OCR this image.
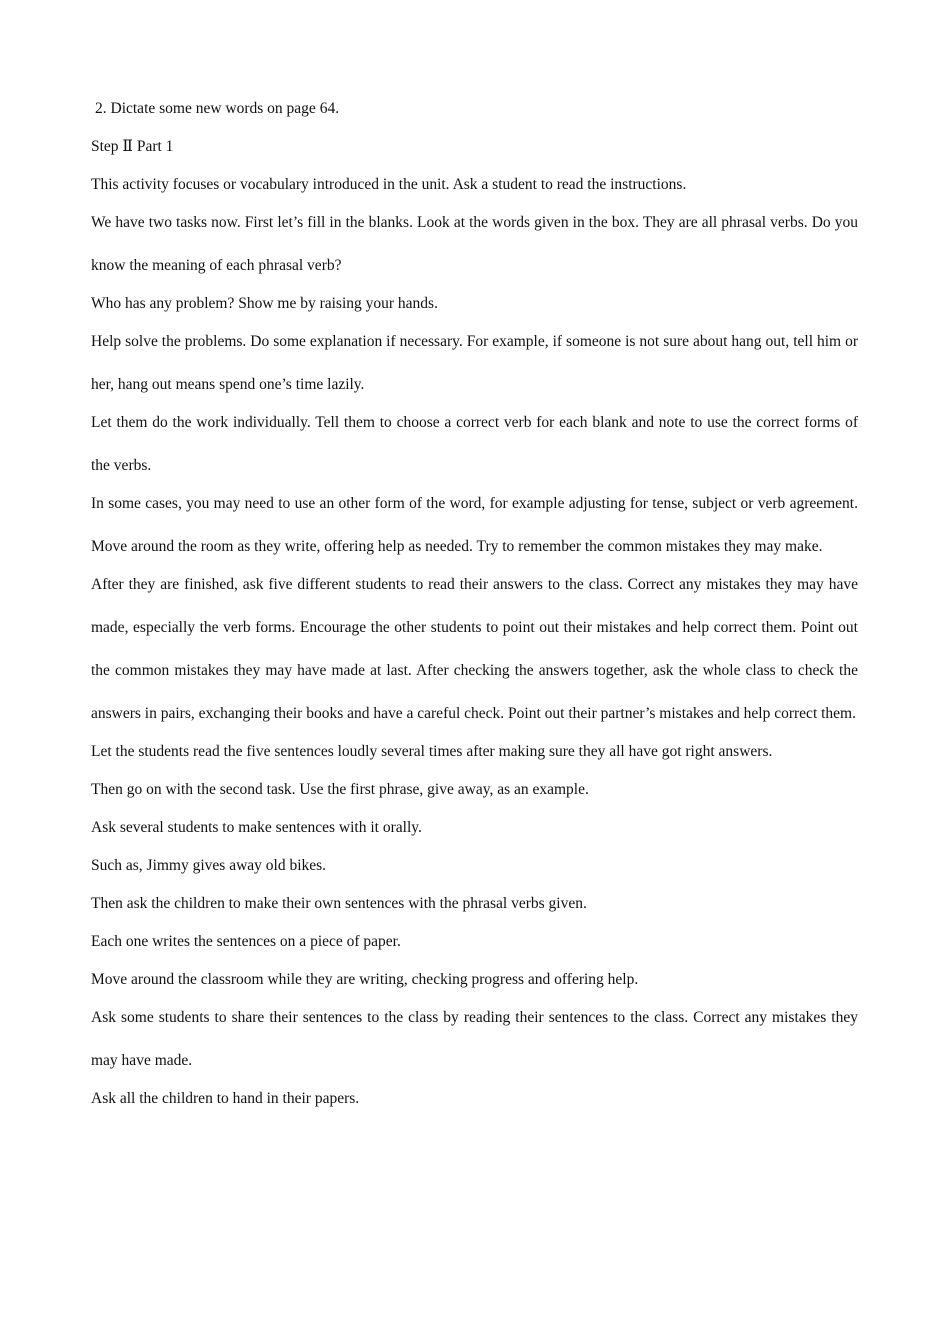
2. Dictate some new words on page 64.

Step Ⅱ Part 1

This activity focuses or vocabulary introduced in the unit. Ask a student to read the instructions.

We have two tasks now. First let’s fill in the blanks. Look at the words given in the box. They are all phrasal verbs. Do you know the meaning of each phrasal verb?

Who has any problem? Show me by raising your hands.

Help solve the problems. Do some explanation if necessary. For example, if someone is not sure about hang out, tell him or her, hang out means spend one’s time lazily.

Let them do the work individually. Tell them to choose a correct verb for each blank and note to use the correct forms of the verbs.

In some cases, you may need to use an other form of the word, for example adjusting for tense, subject or verb agreement. Move around the room as they write, offering help as needed. Try to remember the common mistakes they may make.

After they are finished, ask five different students to read their answers to the class. Correct any mistakes they may have made, especially the verb forms. Encourage the other students to point out their mistakes and help correct them. Point out the common mistakes they may have made at last. After checking the answers together, ask the whole class to check the answers in pairs, exchanging their books and have a careful check. Point out their partner’s mistakes and help correct them.

Let the students read the five sentences loudly several times after making sure they all have got right answers.

Then go on with the second task. Use the first phrase, give away, as an example.

Ask several students to make sentences with it orally.

Such as, Jimmy gives away old bikes.

Then ask the children to make their own sentences with the phrasal verbs given.

Each one writes the sentences on a piece of paper.

Move around the classroom while they are writing, checking progress and offering help.

Ask some students to share their sentences to the class by reading their sentences to the class. Correct any mistakes they may have made.

Ask all the children to hand in their papers.
